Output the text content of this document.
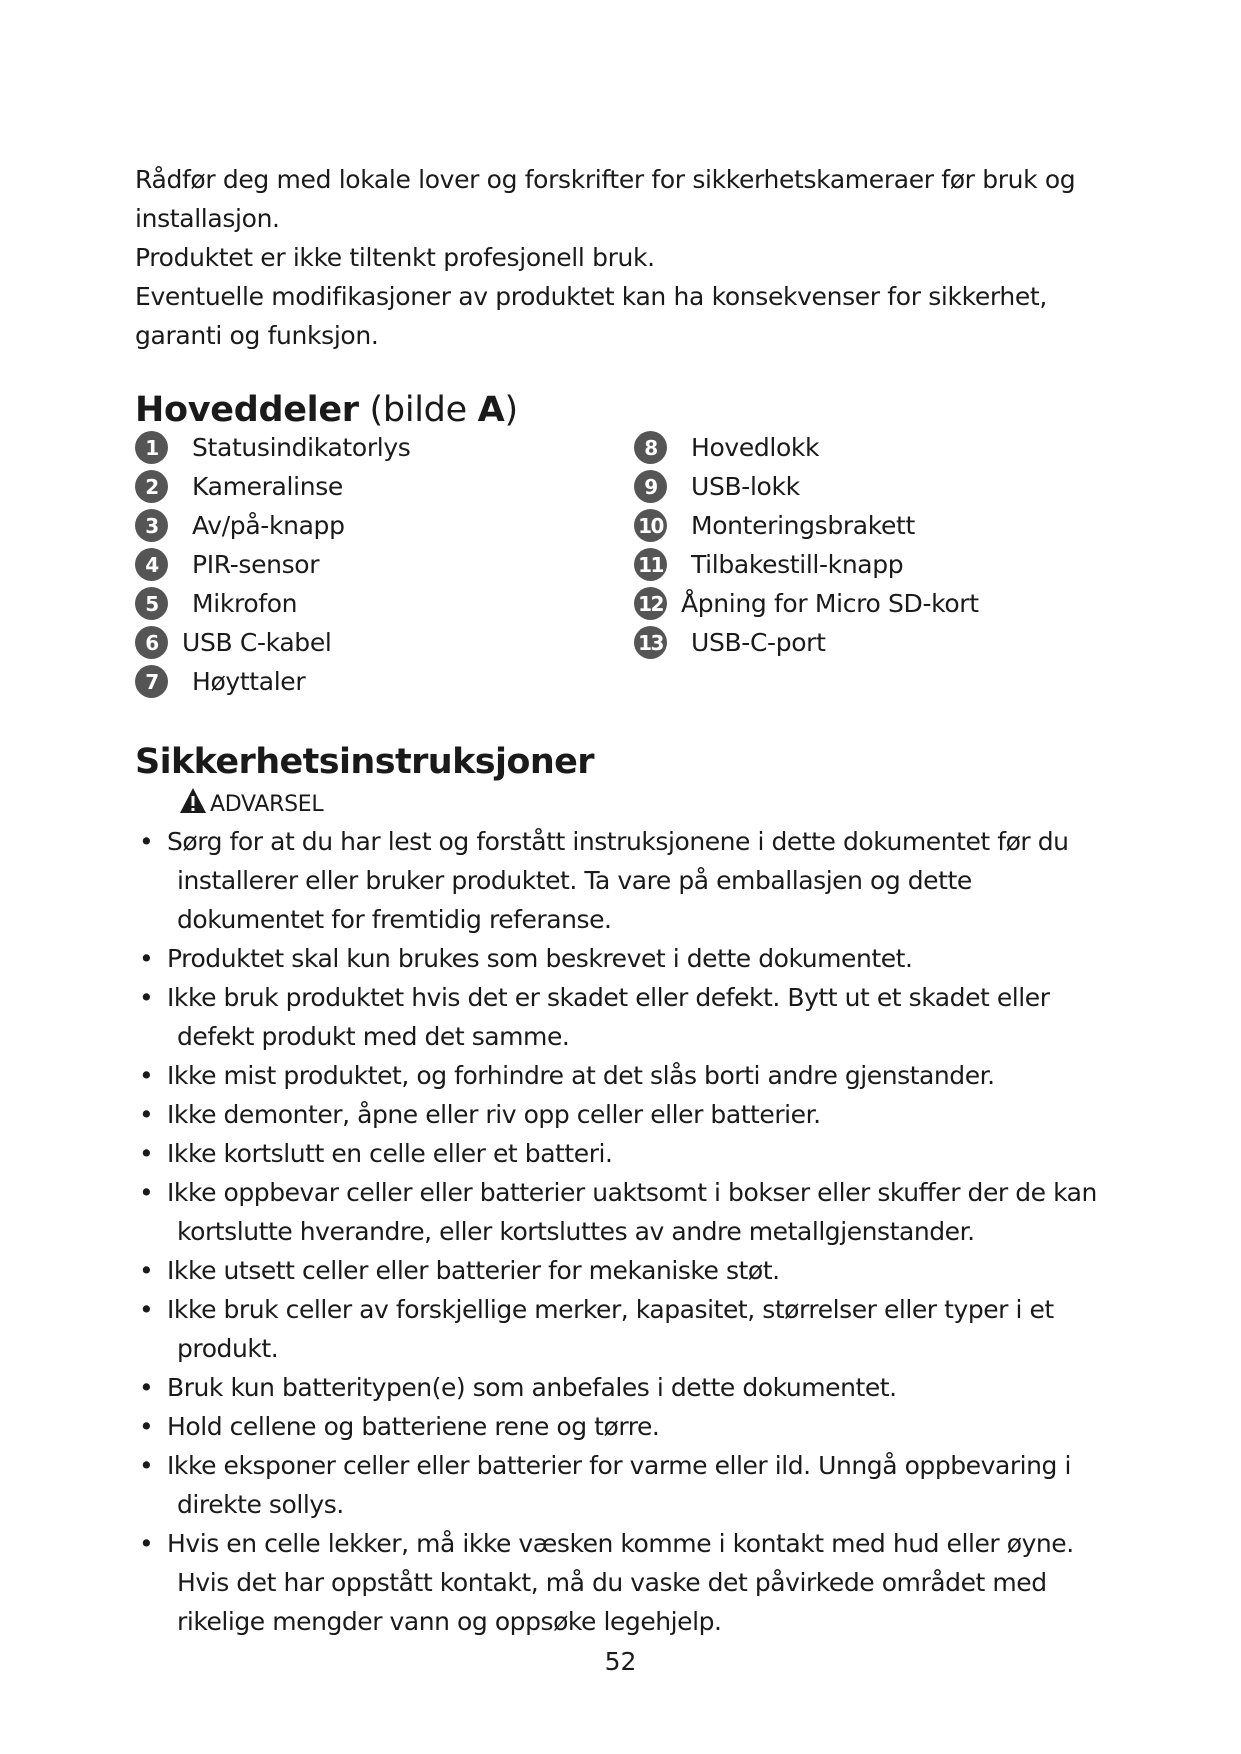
Rådfør deg med lokale lover og forskrifter for sikkerhetskameraer før bruk og

installasjon.

Produktet er ikke tiltenkt profesjonell bruk.

Eventuelle modifikasjoner av produktet kan ha konsekvenser for sikkerhet,

garanti og funksjon.

Hoveddeler (bilde A)
1	Statusindikatorlys
2	Kameralinse
3	Av/på-knapp
4	PIR-sensor
5	Mikrofon
6 USB C-kabel
7	Høyttaler
8	Hovedlokk
9	USB-lokk
10 Monteringsbrakett
11 Tilbakestill-knapp
12 Åpning for Micro SD-kort
13 USB-C-port
Sikkerhetsinstruksjoner
ADVARSEL
• Sørg for at du har lest og forstått instruksjonene i dette dokumentet før du
installerer eller bruker produktet. Ta vare på emballasjen og dette
dokumentet for fremtidig referanse.
• Produktet skal kun brukes som beskrevet i dette dokumentet.
• Ikke bruk produktet hvis det er skadet eller defekt. Bytt ut et skadet eller
defekt produkt med det samme.
• Ikke mist produktet, og forhindre at det slås borti andre gjenstander.
• Ikke demonter, åpne eller riv opp celler eller batterier.
• Ikke kortslutt en celle eller et batteri.
• Ikke oppbevar celler eller batterier uaktsomt i bokser eller skuffer der de kan
kortslutte hverandre, eller kortsluttes av andre metallgjenstander.
• Ikke utsett celler eller batterier for mekaniske støt.
• Ikke bruk celler av forskjellige merker, kapasitet, størrelser eller typer i et
produkt.
• Bruk kun batteritypen(e) som anbefales i dette dokumentet.
• Hold cellene og batteriene rene og tørre.
• Ikke eksponer celler eller batterier for varme eller ild. Unngå oppbevaring i
direkte sollys.
• Hvis en celle lekker, må ikke væsken komme i kontakt med hud eller øyne.
Hvis det har oppstått kontakt, må du vaske det påvirkede området med
rikelige mengder vann og oppsøke legehjelp.
52
